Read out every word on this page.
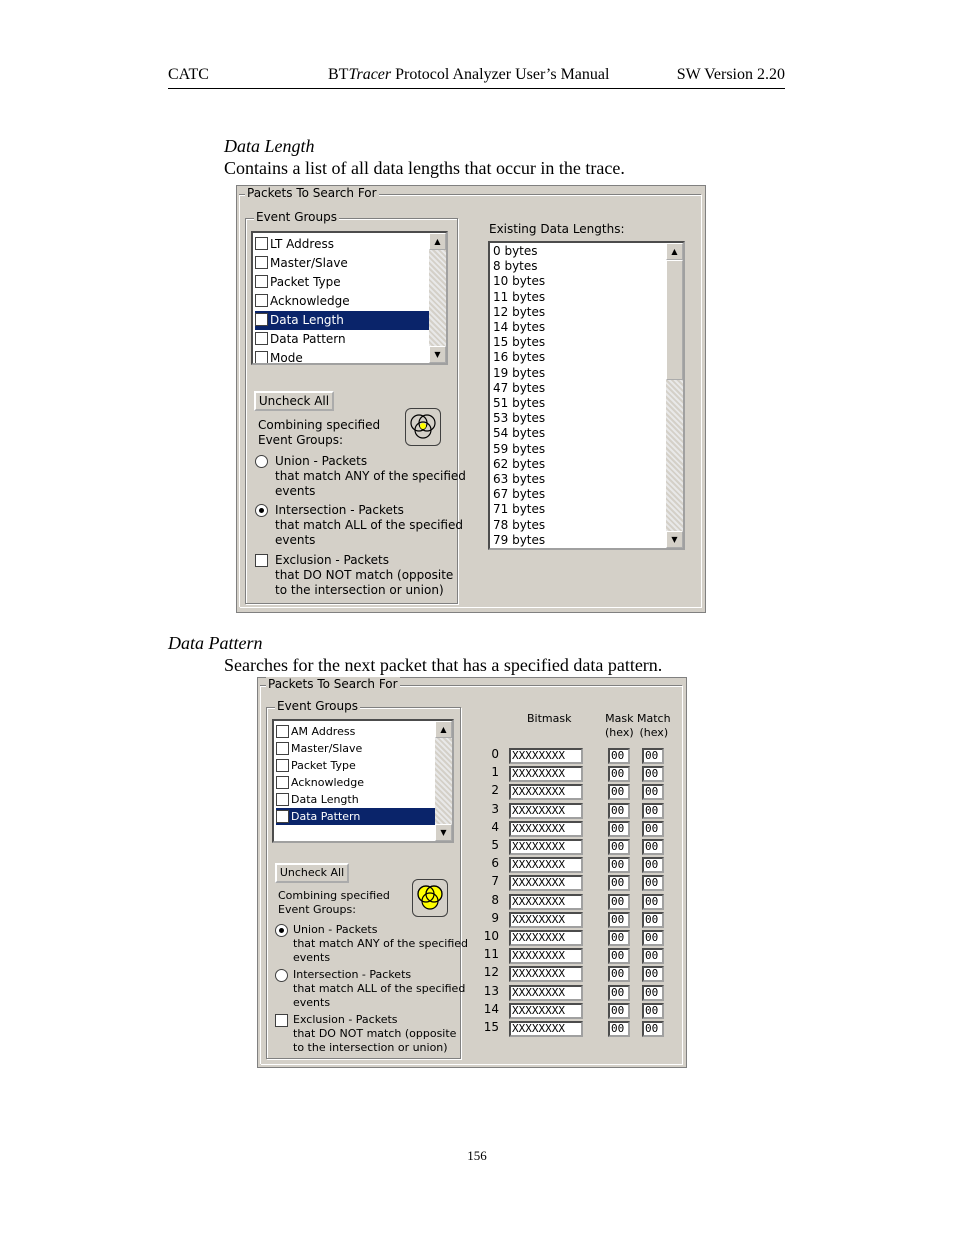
CATC	BTTracer Protocol Analyzer User’s Manual	SW Version 2.20
Data Length
Contains a list of all data lengths that occur in the trace.
Packets To Search For
Event Groups
LT Address
Master/Slave
Packet Type
Acknowledge
Data Length
Data Pattern
Mode
▲
▼
Uncheck All
Combining specified
Event Groups:
Union - Packets
that match ANY of the specified
events
Intersection - Packets
that match ALL of the specified
events
Exclusion - Packets
that DO NOT match (opposite
to the intersection or union)
Existing Data Lengths:
0 bytes
8 bytes
10 bytes
11 bytes
12 bytes
14 bytes
15 bytes
16 bytes
19 bytes
47 bytes
51 bytes
53 bytes
54 bytes
59 bytes
62 bytes
63 bytes
67 bytes
71 bytes
78 bytes
79 bytes
▲
▼
Data Pattern
Searches for the next packet that has a specified data pattern.
Packets To Search For
Event Groups
AM Address
Master/Slave
Packet Type
Acknowledge
Data Length
Data Pattern
▲
▼
Uncheck All
Combining specified
Event Groups:
Union - Packets
that match ANY of the specified
events
Intersection - Packets
that match ALL of the specified
events
Exclusion - Packets
that DO NOT match (opposite
to the intersection or union)
Bitmask	Mask
(hex)
Match
(hex)
0 XXXXXXXX	00	00
1 XXXXXXXX	00	00
2 XXXXXXXX	00	00
3 XXXXXXXX	00	00
4 XXXXXXXX	00	00
5 XXXXXXXX	00	00
6 XXXXXXXX	00	00
7 XXXXXXXX	00	00
8 XXXXXXXX	00	00
9 XXXXXXXX	00	00
10 XXXXXXXX	00	00
11 XXXXXXXX	00	00
12 XXXXXXXX	00	00
13 XXXXXXXX	00	00
14 XXXXXXXX	00	00
15 XXXXXXXX	00	00
156
